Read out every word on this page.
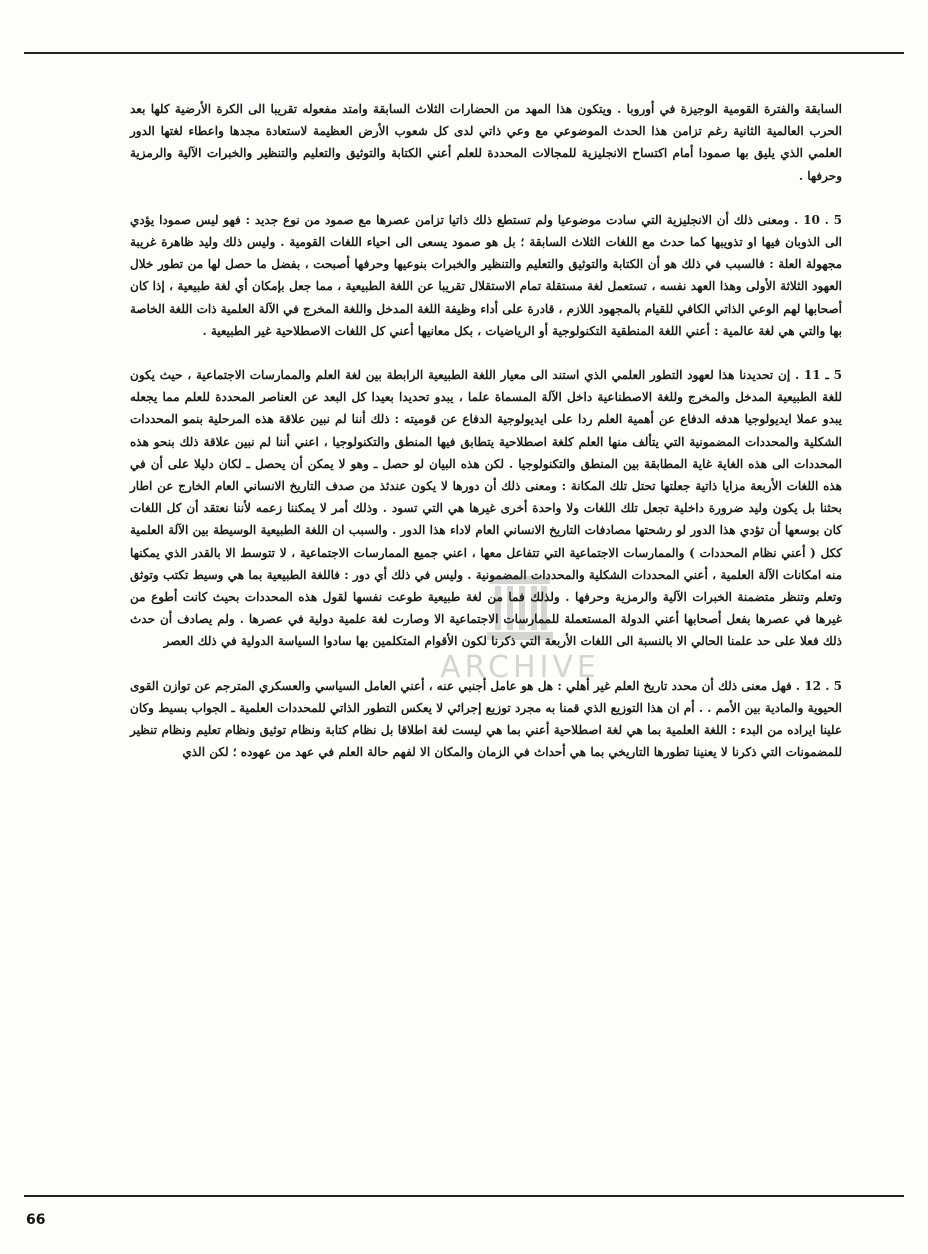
ARCHIVE

السابقة والفترة القومية الوجيزة في أوروبا . ويتكون هذا المهد من الحضارات الثلاث السابقة وامتد مفعوله تقريبا الى الكرة الأرضية كلها بعد الحرب العالمية الثانية رغم تزامن هذا الحدث الموضوعي مع وعي ذاتي لدى كل شعوب الأرض العظيمة لاستعادة مجدها واعطاء لغتها الدور العلمي الذي يليق بها صمودا أمام اكتساح الانجليزية للمجالات المحددة للعلم أعني الكتابة والتوثيق والتعليم والتنظير والخبرات الآلية والرمزية وحرفها .

5 . 10 . ومعنى ذلك أن الانجليزية التي سادت موضوعيا ولم تستطع ذلك ذاتيا تزامن عصرها مع صمود من نوع جديد : فهو ليس صمودا يؤدي الى الذوبان فيها او تذويبها كما حدث مع اللغات الثلاث السابقة ؛ بل هو صمود يسعى الى احياء اللغات القومية . وليس ذلك وليد ظاهرة غريبة مجهولة العلة : فالسبب في ذلك هو أن الكتابة والتوثيق والتعليم والتنظير والخبرات بنوعيها وحرفها أصبحت ، بفضل ما حصل لها من تطور خلال العهود الثلاثة الأولى وهذا العهد نفسه ، تستعمل لغة مستقلة تمام الاستقلال تقريبا عن اللغة الطبيعية ، مما جعل بإمكان أي لغة طبيعية ، إذا كان أصحابها لهم الوعي الذاتي الكافي للقيام بالمجهود اللازم ، قادرة على أداء وظيفة اللغة المدخل واللغة المخرج في الآلة العلمية ذات اللغة الخاصة بها والتي هي لغة عالمية : أعني اللغة المنطقية التكنولوجية أو الرياضيات ، بكل معانيها أعني كل اللغات الاصطلاحية غير الطبيعية .

5 ـ 11 . إن تحديدنا هذا لعهود التطور العلمي الذي استند الى معيار اللغة الطبيعية الرابطة بين لغة العلم والممارسات الاجتماعية ، حيث يكون للغة الطبيعية المدخل والمخرج وللغة الاصطناعية داخل الآلة المسماة علما ، يبدو تحديدا بعيدا كل البعد عن العناصر المحددة للعلم مما يجعله يبدو عملا ايديولوجيا هدفه الدفاع عن أهمية العلم ردا على ايديولوجية الدفاع عن قوميته : ذلك أننا لم نبين علاقة هذه المرحلية بنمو المحددات الشكلية والمحددات المضمونية التي يتألف منها العلم كلغة اصطلاحية يتطابق فيها المنطق والتكنولوجيا ، اعني أننا لم نبين علاقة ذلك بنحو هذه المحددات الى هذه الغاية غاية المطابقة بين المنطق والتكنولوجيا . لكن هذه البيان لو حصل ـ وهو لا يمكن أن يحصل ـ لكان دليلا على أن في هذه اللغات الأربعة مزايا ذاتية جعلتها تحتل تلك المكانة : ومعنى ذلك أن دورها لا يكون عندئذ من صدف التاريخ الانساني العام الخارج عن اطار بحثنا بل يكون وليد ضرورة داخلية تجعل تلك اللغات ولا واحدة أخرى غيرها هي التي تسود . وذلك أمر لا يمكننا زعمه لأننا نعتقد أن كل اللغات كان بوسعها أن تؤدي هذا الدور لو رشحتها مصادفات التاريخ الانساني العام لاداء هذا الدور . والسبب ان اللغة الطبيعية الوسيطة بين الآلة العلمية ككل ( أعني نظام المحددات ) والممارسات الاجتماعية التي تتفاعل معها ، اعني جميع الممارسات الاجتماعية ، لا تتوسط الا بالقدر الذي يمكنها منه امكانات الآلة العلمية ، أعني المحددات الشكلية والمحددات المضمونية . وليس في ذلك أي دور : فاللغة الطبيعية بما هي وسيط تكتب وتوثق وتعلم وتنظر متضمنة الخبرات الآلية والرمزية وحرفها . ولذلك فما من لغة طبيعية طوعت نفسها لقول هذه المحددات بحيث كانت أطوع من غيرها في عصرها بفعل أصحابها أعني الدولة المستعملة للممارسات الاجتماعية الا وصارت لغة علمية دولية في عصرها . ولم يصادف أن حدث ذلك فعلا على حد علمنا الحالي الا بالنسبة الى اللغات الأربعة التي ذكرنا لكون الأقوام المتكلمين بها سادوا السياسة الدولية في ذلك العصر

5 . 12 . فهل معنى ذلك أن محدد تاريخ العلم غير أهلي : هل هو عامل أجنبي عنه ، أعني العامل السياسي والعسكري المترجم عن توازن القوى الحيوية والمادية بين الأمم . . أم ان هذا التوزيع الذي قمنا به مجرد توزيع إجرائي لا يعكس التطور الذاتي للمحددات العلمية ـ الجواب بسيط وكان علينا ايراده من البدء : اللغة العلمية بما هي لغة اصطلاحية أعني بما هي ليست لغة اطلاقا بل نظام كتابة ونظام توثيق ونظام تعليم ونظام تنظير للمضمونات التي ذكرنا لا يعنينا تطورها التاريخي بما هي أحداث في الزمان والمكان الا لفهم حالة العلم في عهد من عهوده ؛ لكن الذي

66
